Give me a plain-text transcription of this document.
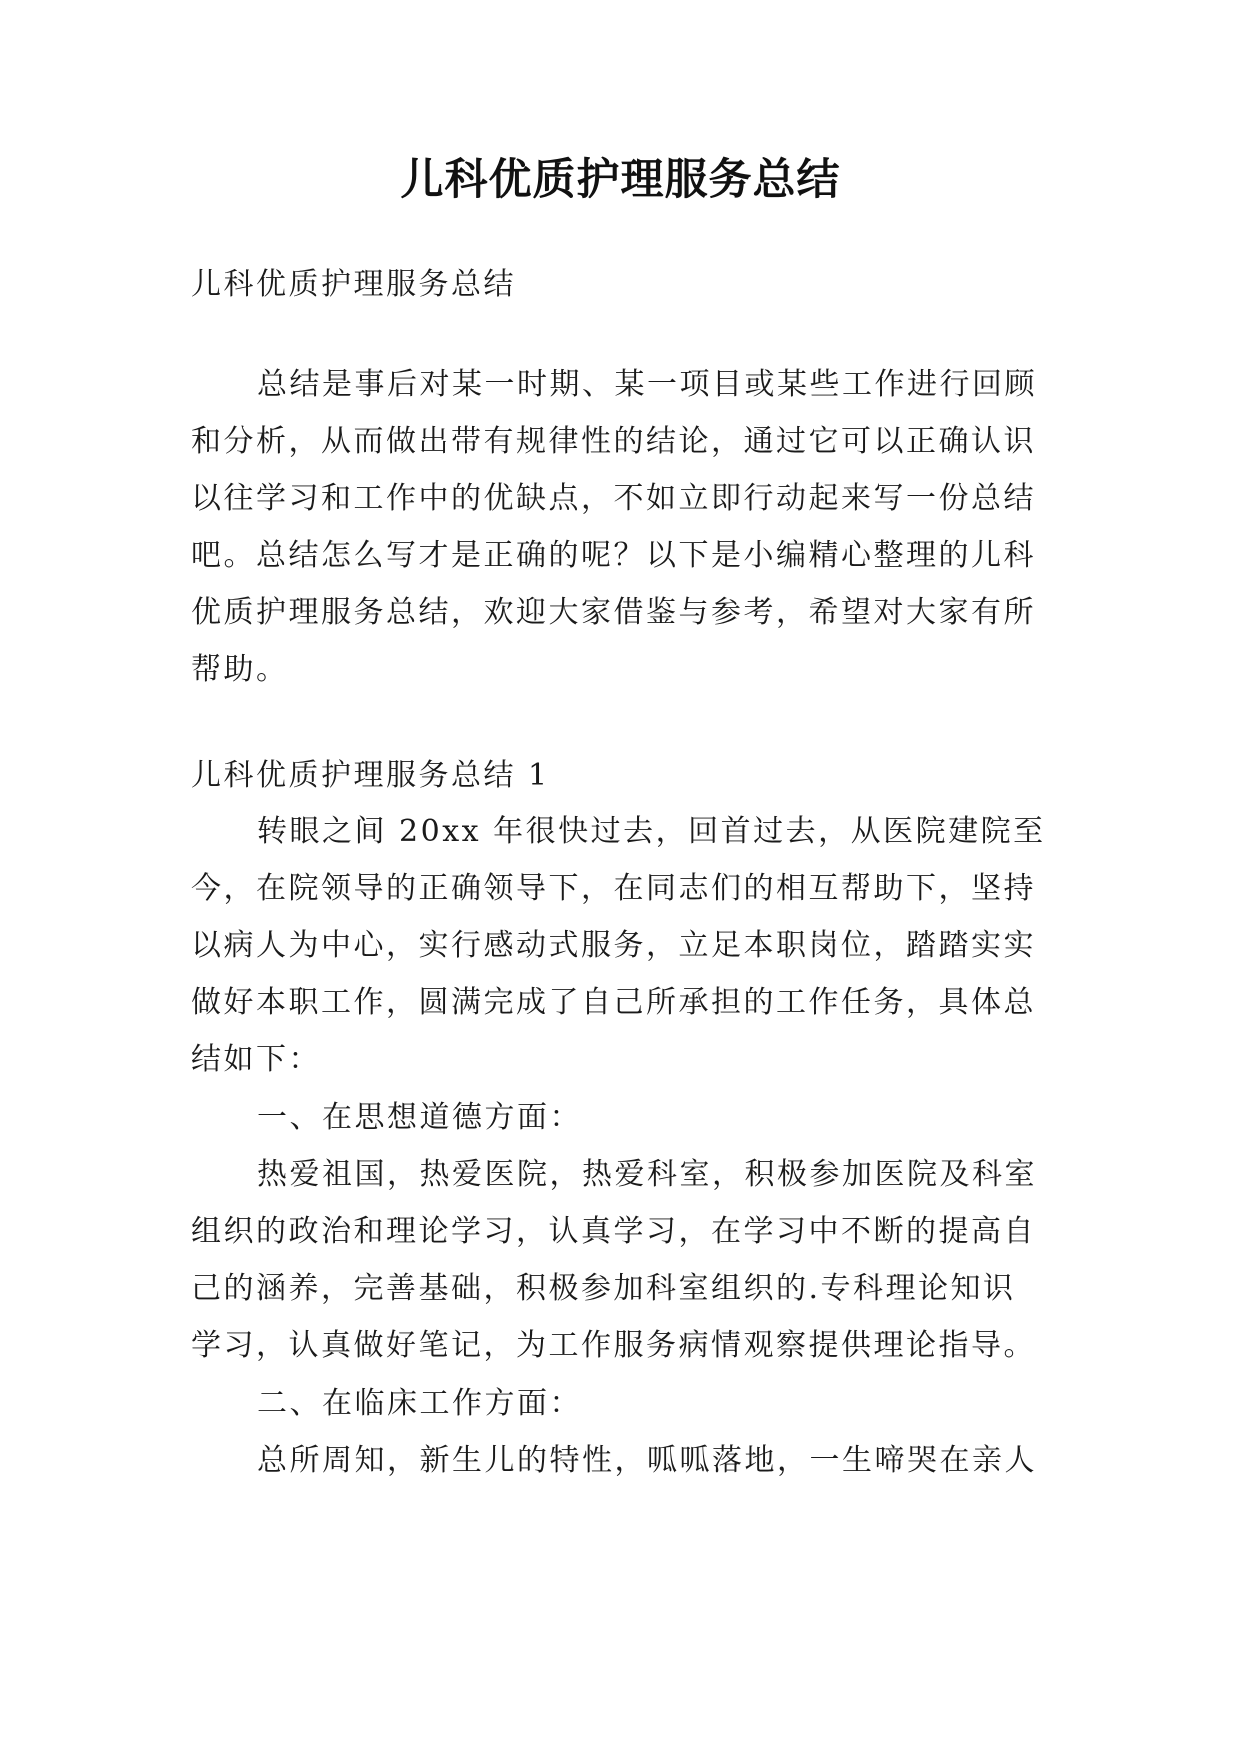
儿科优质护理服务总结
儿科优质护理服务总结
总结是事后对某一时期、某一项目或某些工作进行回顾
和分析，从而做出带有规律性的结论，通过它可以正确认识
以往学习和工作中的优缺点，不如立即行动起来写一份总结
吧。总结怎么写才是正确的呢？以下是小编精心整理的儿科
优质护理服务总结，欢迎大家借鉴与参考，希望对大家有所
帮助。
儿科优质护理服务总结 1
转眼之间 20xx 年很快过去，回首过去，从医院建院至
今，在院领导的正确领导下，在同志们的相互帮助下，坚持
以病人为中心，实行感动式服务，立足本职岗位，踏踏实实
做好本职工作，圆满完成了自己所承担的工作任务，具体总
结如下：
一、在思想道德方面：
热爱祖国，热爱医院，热爱科室，积极参加医院及科室
组织的政治和理论学习，认真学习，在学习中不断的提高自
己的涵养，完善基础，积极参加科室组织的.专科理论知识
学习，认真做好笔记，为工作服务病情观察提供理论指导。
二、在临床工作方面：
总所周知，新生儿的特性，呱呱落地，一生啼哭在亲人
